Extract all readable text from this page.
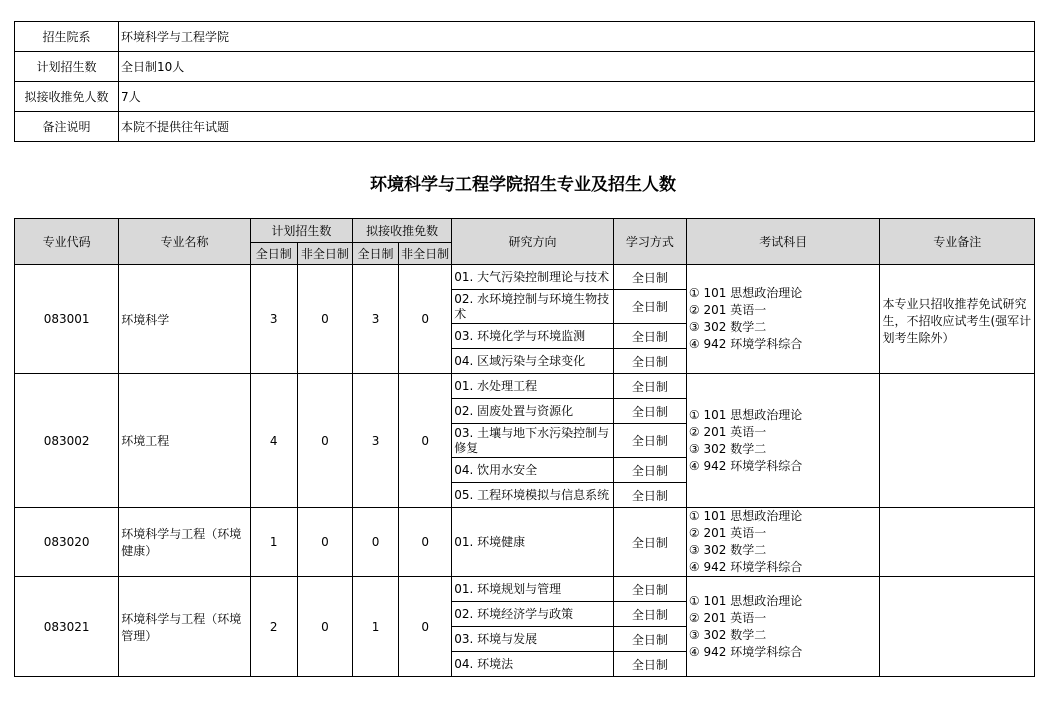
招生院系	环境科学与工程学院
计划招生数	全日制10人
拟接收推免人数	7人
备注说明	本院不提供往年试题
环境科学与工程学院招生专业及招生人数
专业代码	专业名称	计划招生数		拟接收推免数		研究方向	学习方式	考试科目	专业备注
		全日制	非全日制	全日制	非全日制				
083001	环境科学	3	0	3	0	01. 大气污染控制理论与技术	全日制	① 101 思想政治理论
② 201 英语一
③ 302 数学二
④ 942 环境学科综合	本专业只招收推荐免试研究生，不招收应试考生(强军计划考生除外）
						02. 水环境控制与环境生物技术	全日制		
						03. 环境化学与环境监测	全日制		
						04. 区域污染与全球变化	全日制		
083002	环境工程	4	0	3	0	01. 水处理工程	全日制	① 101 思想政治理论
② 201 英语一
③ 302 数学二
④ 942 环境学科综合	

						02. 固废处置与资源化	全日制		
						03. 土壤与地下水污染控制与修复	全日制		
						04. 饮用水安全	全日制		
						05. 工程环境模拟与信息系统	全日制		
083020	环境科学与工程（环境健康）	1	0	0	0	01. 环境健康	全日制	① 101 思想政治理论
② 201 英语一
③ 302 数学二
④ 942 环境学科综合	

083021	环境科学与工程（环境管理）	2	0	1	0	01. 环境规划与管理	全日制	① 101 思想政治理论
② 201 英语一
③ 302 数学二
④ 942 环境学科综合	

						02. 环境经济学与政策	全日制		
						03. 环境与发展	全日制		
						04. 环境法	全日制		
